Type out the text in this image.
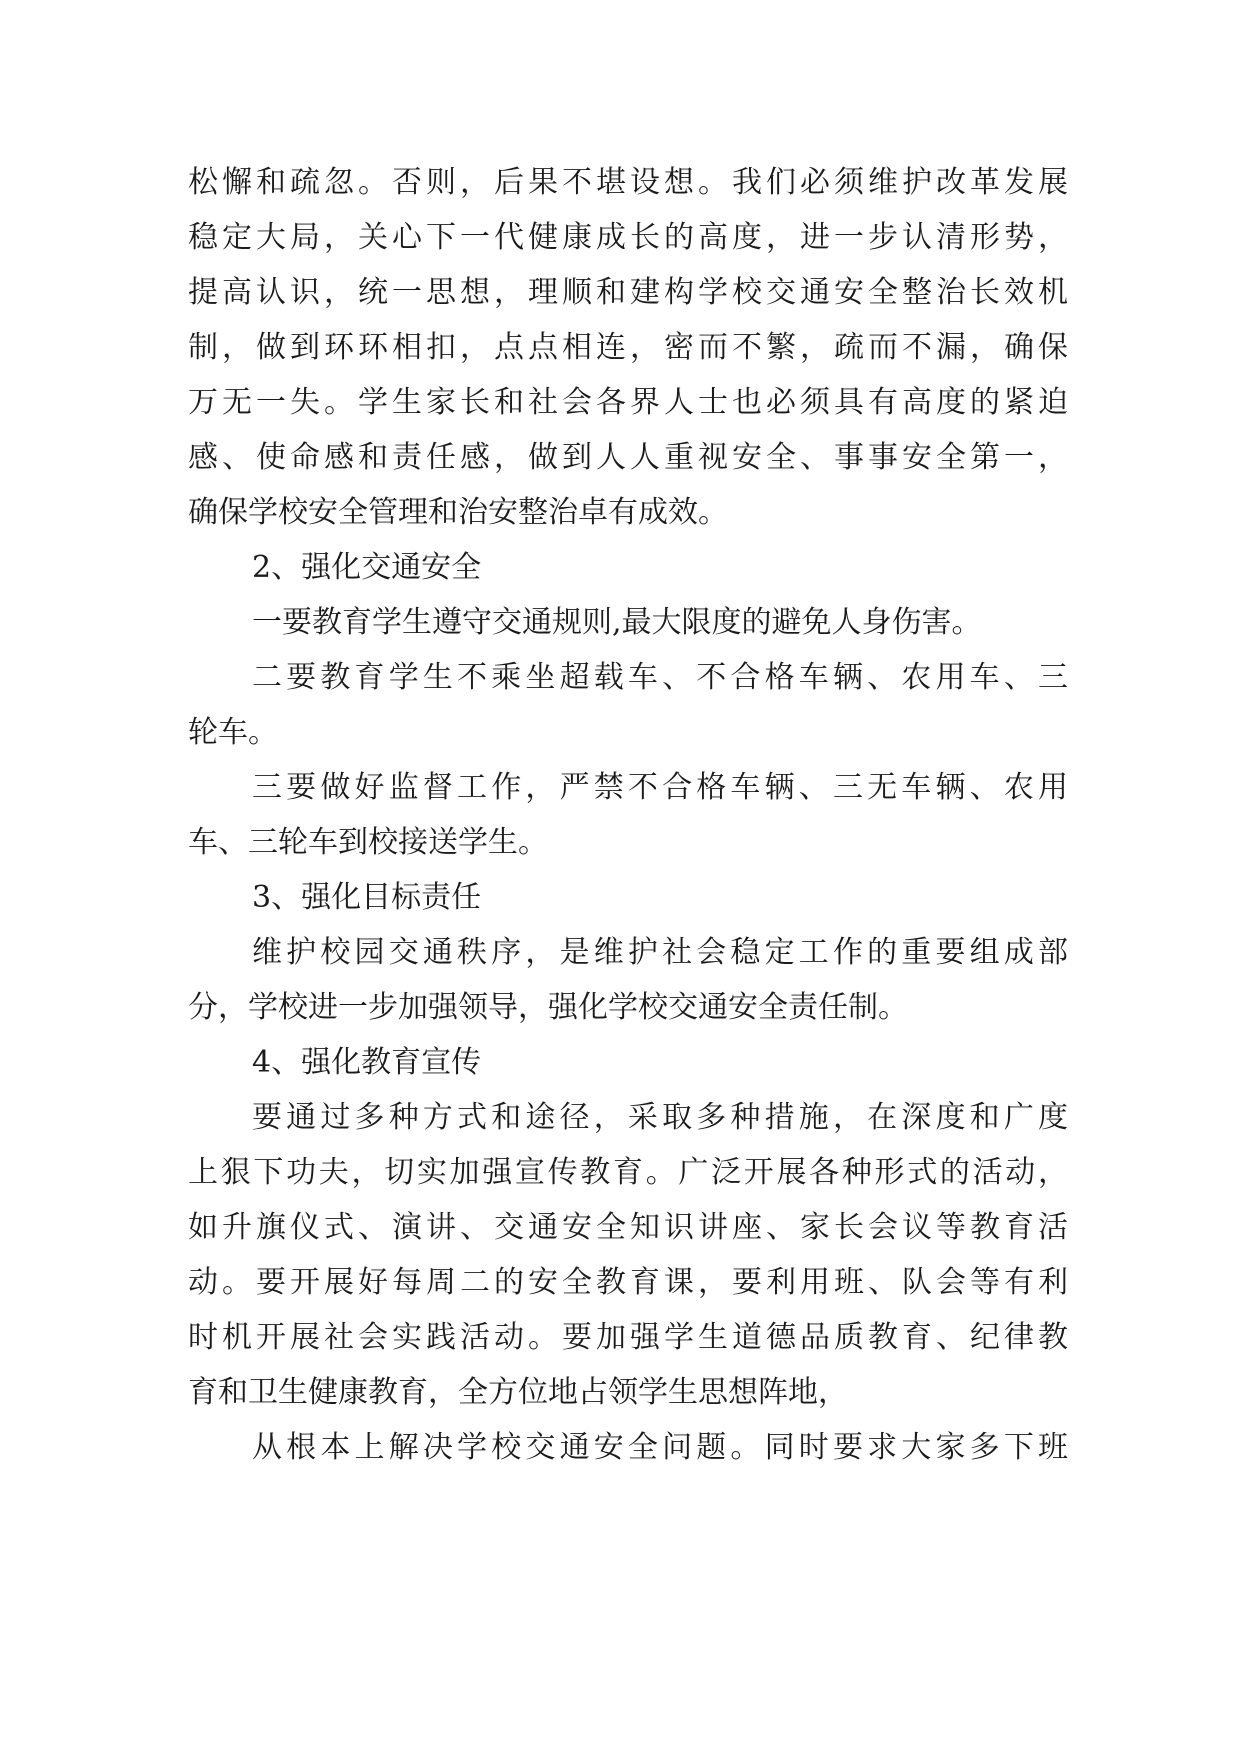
松懈和疏忽。否则，后果不堪设想。我们必须维护改革发展

稳定大局，关心下一代健康成长的高度，进一步认清形势，

提高认识，统一思想，理顺和建构学校交通安全整治长效机

制，做到环环相扣，点点相连，密而不繁，疏而不漏，确保

万无一失。学生家长和社会各界人士也必须具有高度的紧迫

感、使命感和责任感，做到人人重视安全、事事安全第一，

确保学校安全管理和治安整治卓有成效。

2、强化交通安全

一要教育学生遵守交通规则,最大限度的避免人身伤害。

二要教育学生不乘坐超载车、不合格车辆、农用车、三

轮车。

三要做好监督工作，严禁不合格车辆、三无车辆、农用

车、三轮车到校接送学生。

3、强化目标责任

维护校园交通秩序，是维护社会稳定工作的重要组成部

分，学校进一步加强领导，强化学校交通安全责任制。

4、强化教育宣传

要通过多种方式和途径，采取多种措施，在深度和广度

上狠下功夫，切实加强宣传教育。广泛开展各种形式的活动，

如升旗仪式、演讲、交通安全知识讲座、家长会议等教育活

动。要开展好每周二的安全教育课，要利用班、队会等有利

时机开展社会实践活动。要加强学生道德品质教育、纪律教

育和卫生健康教育，全方位地占领学生思想阵地，

从根本上解决学校交通安全问题。同时要求大家多下班
